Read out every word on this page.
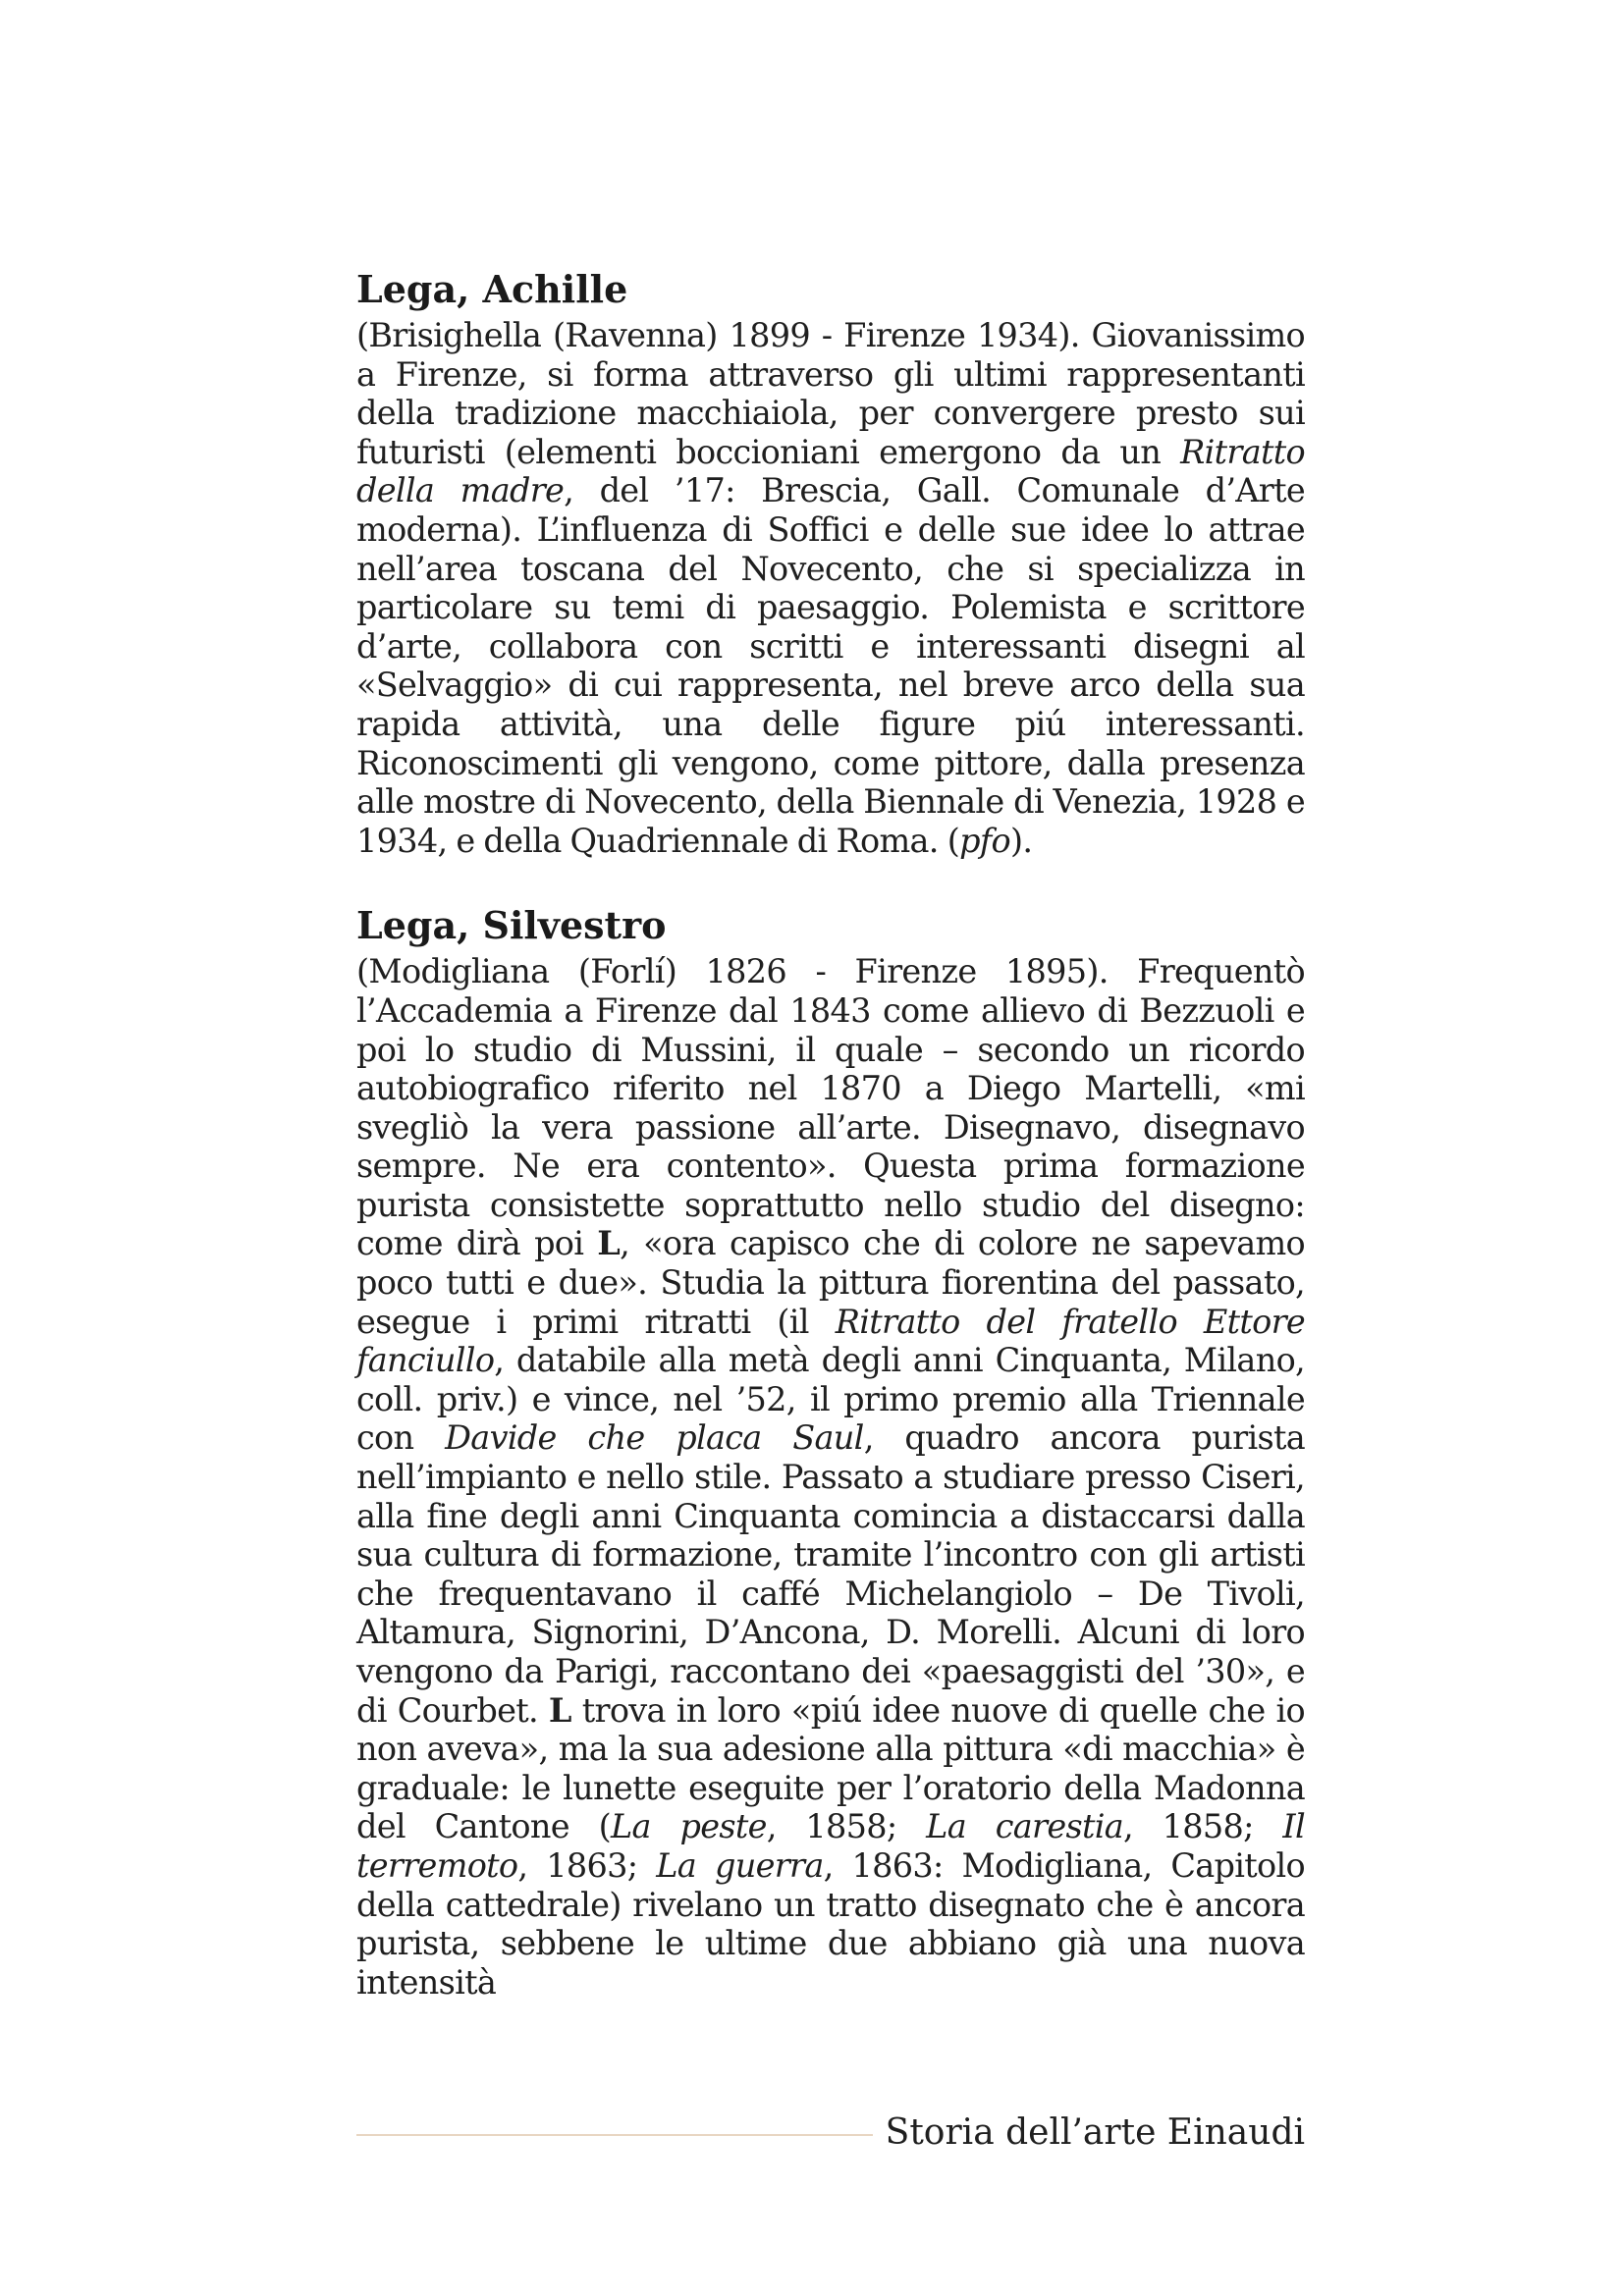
Lega, Achille

(Brisighella (Ravenna) 1899 - Firenze 1934). Giovanissimo a Firenze, si forma attraverso gli ultimi rappresentanti della tradizione macchiaiola, per convergere presto sui futuristi (elementi boccioniani emergono da un Ritratto della madre, del ’17: Brescia, Gall. Comunale d’Arte moderna). L’influenza di Soffici e delle sue idee lo attrae nell’area toscana del Novecento, che si specializza in particolare su temi di paesaggio. Polemista e scrittore d’arte, collabora con scritti e interessanti disegni al «Selvaggio» di cui rappresenta, nel breve arco della sua rapida attività, una delle figure piú interessanti. Riconoscimenti gli vengono, come pittore, dalla presenza alle mostre di Novecento, della Biennale di Venezia, 1928 e 1934, e della Quadriennale di Roma. (pfo).

Lega, Silvestro

(Modigliana (Forlí) 1826 - Firenze 1895). Frequentò l’Accademia a Firenze dal 1843 come allievo di Bezzuoli e poi lo studio di Mussini, il quale – secondo un ricordo autobiografico riferito nel 1870 a Diego Martelli, «mi svegliò la vera passione all’arte. Disegnavo, disegnavo sempre. Ne era contento». Questa prima formazione purista consistette soprattutto nello studio del disegno: come dirà poi L, «ora capisco che di colore ne sapevamo poco tutti e due». Studia la pittura fiorentina del passato, esegue i primi ritratti (il Ritratto del fratello Ettore fanciullo, databile alla metà degli anni Cinquanta, Milano, coll. priv.) e vince, nel ’52, il primo premio alla Triennale con Davide che placa Saul, quadro ancora purista nell’impianto e nello stile. Passato a studiare presso Ciseri, alla fine degli anni Cinquanta comincia a distaccarsi dalla sua cultura di formazione, tramite l’incontro con gli artisti che frequentavano il caffé Michelangiolo – De Tivoli, Altamura, Signorini, D’Ancona, D. Morelli. Alcuni di loro vengono da Parigi, raccontano dei «paesaggisti del ’30», e di Courbet. L trova in loro «piú idee nuove di quelle che io non aveva», ma la sua adesione alla pittura «di macchia» è graduale: le lunette eseguite per l’oratorio della Madonna del Cantone (La peste, 1858; La carestia, 1858; Il terremoto, 1863; La guerra, 1863: Modigliana, Capitolo della cattedrale) rivelano un tratto disegnato che è ancora purista, sebbene le ultime due abbiano già una nuova intensità

Storia dell’arte Einaudi
